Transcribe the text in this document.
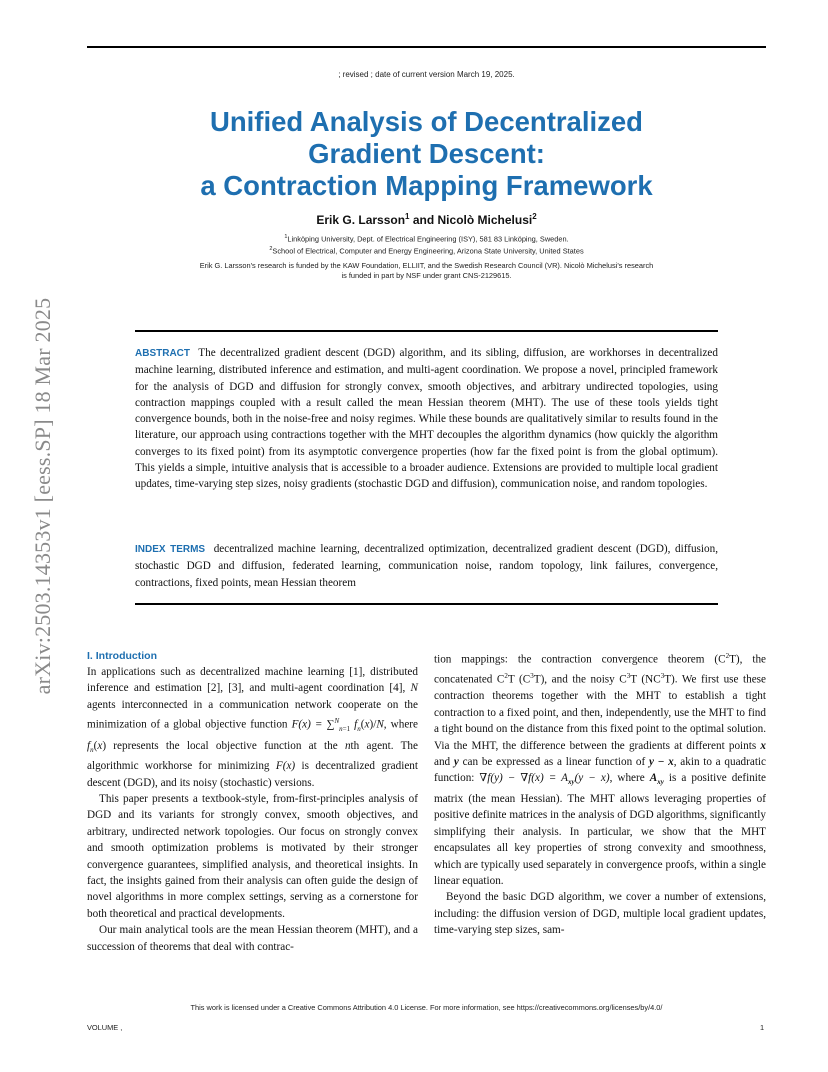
; revised ; date of current version March 19, 2025.
Unified Analysis of Decentralized
Gradient Descent:
a Contraction Mapping Framework
Erik G. Larsson$^1$ and Nicolò Michelusi$^2$
$^1$Linköping University, Dept. of Electrical Engineering (ISY), 581 83 Linköping, Sweden.
$^2$School of Electrical, Computer and Energy Engineering, Arizona State University, United States
Erik G. Larsson's research is funded by the KAW Foundation, ELLIIT, and the Swedish Research Council (VR). Nicolò Michelusi's research
is funded in part by NSF under grant CNS-2129615.
arXiv:2503.14353v1 [eess.SP] 18 Mar 2025	ABSTRACT The decentralized gradient descent (DGD) algorithm, and its sibling, diffusion, are workhorses in decentralized machine learning, distributed inference and estimation, and multi-agent coordination. We propose a novel, principled framework for the analysis of DGD and diffusion for strongly convex, smooth objectives, and arbitrary undirected topologies, using contraction mappings coupled with a result called the mean Hessian theorem (MHT). The use of these tools yields tight convergence bounds, both in the noise-free and noisy regimes. While these bounds are qualitatively similar to results found in the literature, our approach using contractions together with the MHT decouples the algorithm dynamics (how quickly the algorithm converges to its fixed point) from its asymptotic convergence properties (how far the fixed point is from the global optimum). This yields a simple, intuitive analysis that is accessible to a broader audience. Extensions are provided to multiple local gradient updates, time-varying step sizes, noisy gradients (stochastic DGD and diffusion), communication noise, and random topologies.
INDEX TERMS decentralized machine learning, decentralized optimization, decentralized gradient descent (DGD), diffusion, stochastic DGD and diffusion, federated learning, communication noise, random topology, link failures, convergence, contractions, fixed points, mean Hessian theorem
I. Introduction

In applications such as decentralized machine learning [1], distributed inference and estimation [2], [3], and multi-agent coordination [4], N agents interconnected in a communication network cooperate on the minimization of a global objective function F(x) = ∑$^N_{n=1}$ $f_n(x)/N$, where $f_n(x)$ represents the local objective function at the nth agent. The algorithmic workhorse for minimizing F(x) is decentralized gradient descent (DGD), and its noisy (stochastic) versions.

This paper presents a textbook-style, from-first-principles analysis of DGD and its variants for strongly convex, smooth objectives, and arbitrary, undirected network topologies. Our focus on strongly convex and smooth optimization problems is motivated by their stronger convergence guarantees, simplified analysis, and theoretical insights. In fact, the insights gained from their analysis can often guide the design of novel algorithms in more complex settings, serving as a cornerstone for both theoretical and practical developments.

Our main analytical tools are the mean Hessian theorem (MHT), and a succession of theorems that deal with contrac-

tion mappings: the contraction convergence theorem $(C^2T)$, the concatenated $C^2T$ $(C^3T)$, and the noisy $C^3T$ $(NC^3T)$. We first use these contraction theorems together with the MHT to establish a tight contraction to a fixed point, and then, independently, use the MHT to find a tight bound on the distance from this fixed point to the optimal solution. Via the MHT, the difference between the gradients at different points x and y can be expressed as a linear function of y − x, akin to a quadratic function: $\nabla f(y) - \nabla f(x) = A_{xy}(y - x)$, where $A_{xy}$ is a positive definite matrix (the mean Hessian). The MHT allows leveraging properties of positive definite matrices in the analysis of DGD algorithms, significantly simplifying their analysis. In particular, we show that the MHT encapsulates all key properties of strong convexity and smoothness, which are typically used separately in convergence proofs, within a single linear equation.

Beyond the basic DGD algorithm, we cover a number of extensions, including: the diffusion version of DGD, multiple local gradient updates, time-varying step sizes, sam-

This work is licensed under a Creative Commons Attribution 4.0 License. For more information, see https://creativecommons.org/licenses/by/4.0/
VOLUME ,	1
